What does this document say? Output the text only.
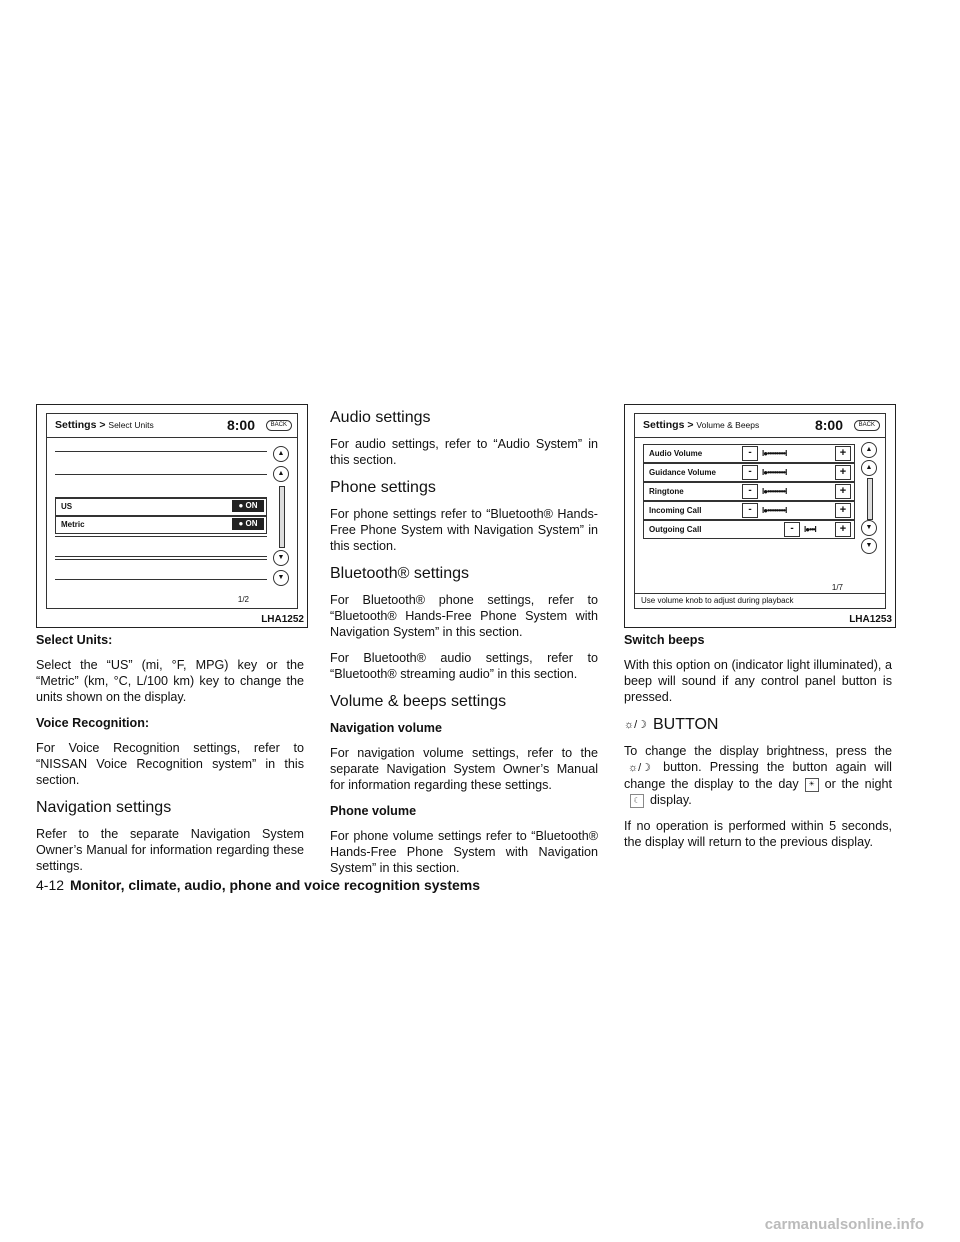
Settings > Select Units	8:00	BACK
US	● ON
Metric	● ON
▲
▲
▼
▼
1/2
LHA1252
Select Units:

Select the “US” (mi, °F, MPG) key or the “Metric” (km, °C, L/100 km) key to change the units shown on the display.

Voice Recognition:

For Voice Recognition settings, refer to “NISSAN Voice Recognition system” in this section.

Navigation settings

Refer to the separate Navigation System Owner’s Manual for information regarding these settings.

Audio settings

For audio settings, refer to “Audio System” in this section.

Phone settings

For phone settings refer to “Bluetooth® Hands-Free Phone System with Navigation System” in this section.

Bluetooth® settings

For Bluetooth® phone settings, refer to “Bluetooth® Hands-Free Phone System with Navigation System” in this section.

For Bluetooth® audio settings, refer to “Bluetooth® streaming audio” in this section.

Volume & beeps settings
Navigation volume

For navigation volume settings, refer to the separate Navigation System Owner’s Manual for information regarding these settings.

Phone volume

For phone volume settings refer to “Bluetooth® Hands-Free Phone System with Navigation System” in this section.

Settings > Volume & Beeps	8:00	BACK
Audio Volume	-	I●••••••••••I	+
Guidance Volume	-	I●••••••••••I	+
Ringtone	-	I●••••••••••I	+
Incoming Call	-	I●••••••••••I	+
Outgoing Call	-	I●•••I	+
▲
▲
▼
▼
1/7
Use volume knob to adjust during playback
LHA1253
Switch beeps

With this option on (indicator light illuminated), a beep will sound if any control panel button is pressed.

☼/☽ BUTTON

To change the display brightness, press the ☼/☽ button. Pressing the button again will change the display to the day ☀ or the night☾ display.

If no operation is performed within 5 seconds, the display will return to the previous display.

4-12 Monitor, climate, audio, phone and voice recognition systems
carmanualsonline.info
